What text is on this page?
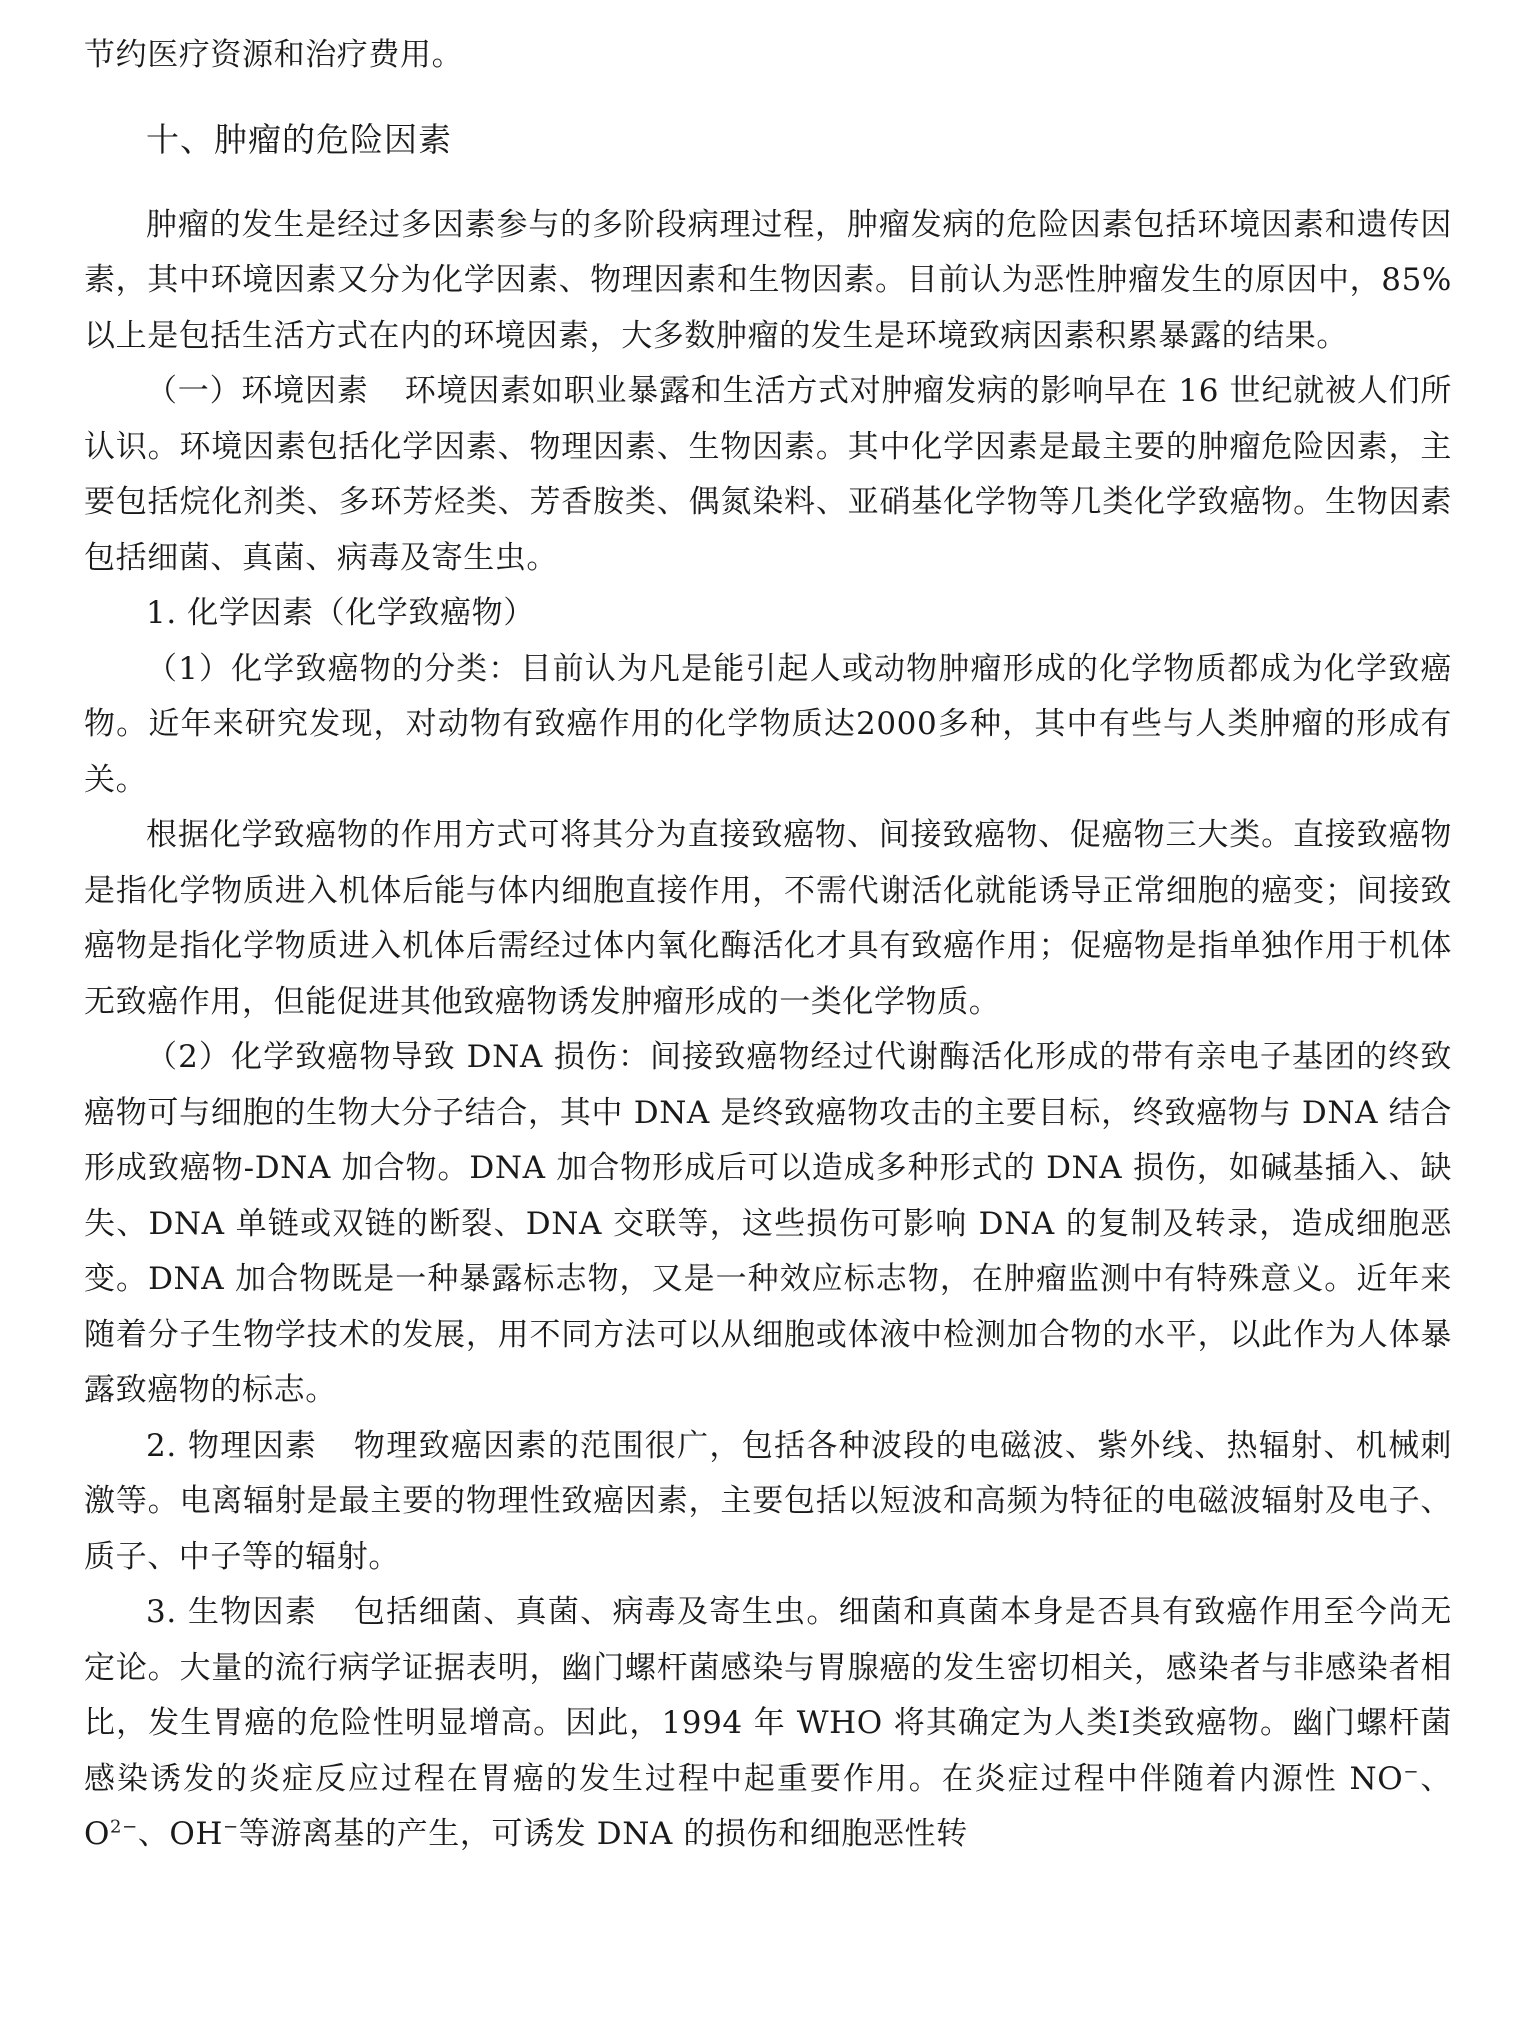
节约医疗资源和治疗费用。

十、肿瘤的危险因素

肿瘤的发生是经过多因素参与的多阶段病理过程，肿瘤发病的危险因素包括环境因素和遗传因素，其中环境因素又分为化学因素、物理因素和生物因素。目前认为恶性肿瘤发生的原因中，85%以上是包括生活方式在内的环境因素，大多数肿瘤的发生是环境致病因素积累暴露的结果。

（一）环境因素 环境因素如职业暴露和生活方式对肿瘤发病的影响早在 16 世纪就被人们所认识。环境因素包括化学因素、物理因素、生物因素。其中化学因素是最主要的肿瘤危险因素，主要包括烷化剂类、多环芳烃类、芳香胺类、偶氮染料、亚硝基化学物等几类化学致癌物。生物因素包括细菌、真菌、病毒及寄生虫。

1. 化学因素（化学致癌物）

（1）化学致癌物的分类：目前认为凡是能引起人或动物肿瘤形成的化学物质都成为化学致癌物。近年来研究发现，对动物有致癌作用的化学物质达2000多种，其中有些与人类肿瘤的形成有关。

根据化学致癌物的作用方式可将其分为直接致癌物、间接致癌物、促癌物三大类。直接致癌物是指化学物质进入机体后能与体内细胞直接作用，不需代谢活化就能诱导正常细胞的癌变；间接致癌物是指化学物质进入机体后需经过体内氧化酶活化才具有致癌作用；促癌物是指单独作用于机体无致癌作用，但能促进其他致癌物诱发肿瘤形成的一类化学物质。

（2）化学致癌物导致 DNA 损伤：间接致癌物经过代谢酶活化形成的带有亲电子基团的终致癌物可与细胞的生物大分子结合，其中 DNA 是终致癌物攻击的主要目标，终致癌物与 DNA 结合形成致癌物-DNA 加合物。DNA 加合物形成后可以造成多种形式的 DNA 损伤，如碱基插入、缺失、DNA 单链或双链的断裂、DNA 交联等，这些损伤可影响 DNA 的复制及转录，造成细胞恶变。DNA 加合物既是一种暴露标志物，又是一种效应标志物，在肿瘤监测中有特殊意义。近年来随着分子生物学技术的发展，用不同方法可以从细胞或体液中检测加合物的水平，以此作为人体暴露致癌物的标志。

2. 物理因素 物理致癌因素的范围很广，包括各种波段的电磁波、紫外线、热辐射、机械刺激等。电离辐射是最主要的物理性致癌因素，主要包括以短波和高频为特征的电磁波辐射及电子、质子、中子等的辐射。

3. 生物因素 包括细菌、真菌、病毒及寄生虫。细菌和真菌本身是否具有致癌作用至今尚无定论。大量的流行病学证据表明，幽门螺杆菌感染与胃腺癌的发生密切相关，感染者与非感染者相比，发生胃癌的危险性明显增高。因此，1994 年 WHO 将其确定为人类Ⅰ类致癌物。幽门螺杆菌感染诱发的炎症反应过程在胃癌的发生过程中起重要作用。在炎症过程中伴随着内源性 NO−、$O^{2-}$、OH−等游离基的产生，可诱发 DNA 的损伤和细胞恶性转
